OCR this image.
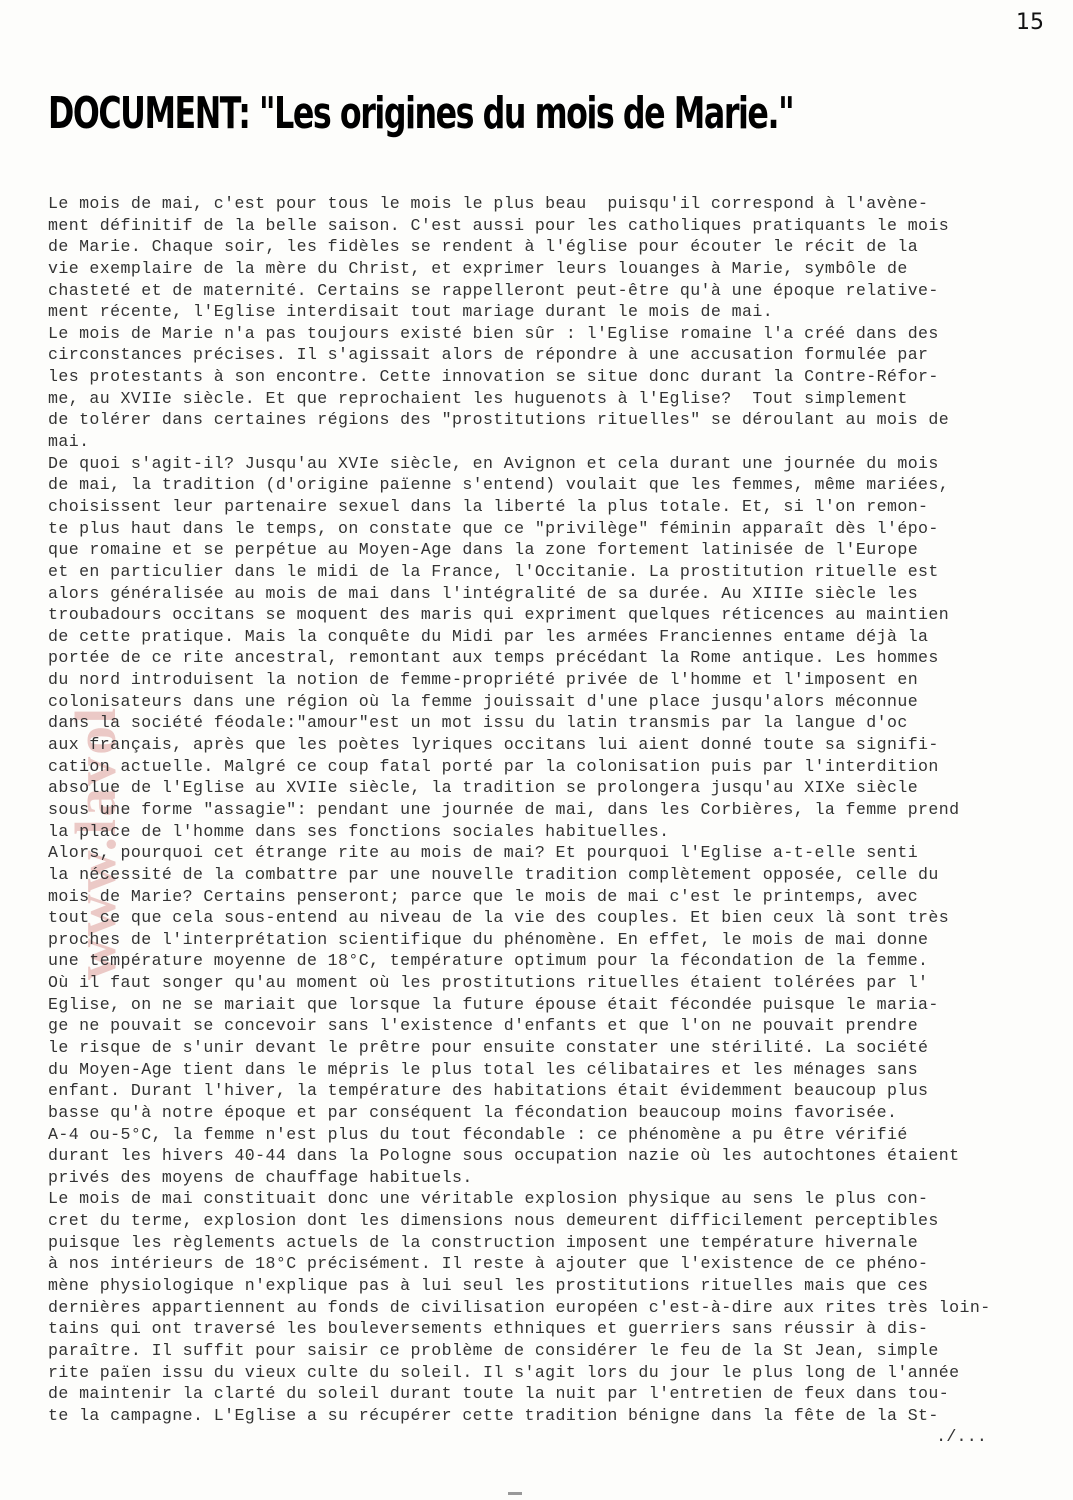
15
DOCUMENT: "Les origines du mois de Marie."
www.lavol
Le mois de mai, c'est pour tous le mois le plus beau  puisqu'il correspond à l'avène-
ment définitif de la belle saison. C'est aussi pour les catholiques pratiquants le mois
de Marie. Chaque soir, les fidèles se rendent à l'église pour écouter le récit de la
vie exemplaire de la mère du Christ, et exprimer leurs louanges à Marie, symbôle de
chasteté et de maternité. Certains se rappelleront peut-être qu'à une époque relative-
ment récente, l'Eglise interdisait tout mariage durant le mois de mai.
Le mois de Marie n'a pas toujours existé bien sûr : l'Eglise romaine l'a créé dans des
circonstances précises. Il s'agissait alors de répondre à une accusation formulée par
les protestants à son encontre. Cette innovation se situe donc durant la Contre-Réfor-
me, au XVIIe siècle. Et que reprochaient les huguenots à l'Eglise?  Tout simplement
de tolérer dans certaines régions des "prostitutions rituelles" se déroulant au mois de
mai.
De quoi s'agit-il? Jusqu'au XVIe siècle, en Avignon et cela durant une journée du mois
de mai, la tradition (d'origine païenne s'entend) voulait que les femmes, même mariées,
choisissent leur partenaire sexuel dans la liberté la plus totale. Et, si l'on remon-
te plus haut dans le temps, on constate que ce "privilège" féminin apparaît dès l'épo-
que romaine et se perpétue au Moyen-Age dans la zone fortement latinisée de l'Europe
et en particulier dans le midi de la France, l'Occitanie. La prostitution rituelle est
alors généralisée au mois de mai dans l'intégralité de sa durée. Au XIIIe siècle les
troubadours occitans se moquent des maris qui expriment quelques réticences au maintien
de cette pratique. Mais la conquête du Midi par les armées Franciennes entame déjà la
portée de ce rite ancestral, remontant aux temps précédant la Rome antique. Les hommes
du nord introduisent la notion de femme-propriété privée de l'homme et l'imposent en
colonisateurs dans une région où la femme jouissait d'une place jusqu'alors méconnue
dans la société féodale:"amour"est un mot issu du latin transmis par la langue d'oc
aux français, après que les poètes lyriques occitans lui aient donné toute sa signifi-
cation actuelle. Malgré ce coup fatal porté par la colonisation puis par l'interdition
absolue de l'Eglise au XVIIe siècle, la tradition se prolongera jusqu'au XIXe siècle
sous une forme "assagie": pendant une journée de mai, dans les Corbières, la femme prend
la place de l'homme dans ses fonctions sociales habituelles.
Alors, pourquoi cet étrange rite au mois de mai? Et pourquoi l'Eglise a-t-elle senti
la nécessité de la combattre par une nouvelle tradition complètement opposée, celle du
mois de Marie? Certains penseront; parce que le mois de mai c'est le printemps, avec
tout ce que cela sous-entend au niveau de la vie des couples. Et bien ceux là sont très
proches de l'interprétation scientifique du phénomène. En effet, le mois de mai donne
une température moyenne de 18°C, température optimum pour la fécondation de la femme.
Où il faut songer qu'au moment où les prostitutions rituelles étaient tolérées par l'
Eglise, on ne se mariait que lorsque la future épouse était fécondée puisque le maria-
ge ne pouvait se concevoir sans l'existence d'enfants et que l'on ne pouvait prendre
le risque de s'unir devant le prêtre pour ensuite constater une stérilité. La société
du Moyen-Age tient dans le mépris le plus total les célibataires et les ménages sans
enfant. Durant l'hiver, la température des habitations était évidemment beaucoup plus
basse qu'à notre époque et par conséquent la fécondation beaucoup moins favorisée.
A-4 ou-5°C, la femme n'est plus du tout fécondable : ce phénomène a pu être vérifié
durant les hivers 40-44 dans la Pologne sous occupation nazie où les autochtones étaient
privés des moyens de chauffage habituels.
Le mois de mai constituait donc une véritable explosion physique au sens le plus con-
cret du terme, explosion dont les dimensions nous demeurent difficilement perceptibles
puisque les règlements actuels de la construction imposent une température hivernale
à nos intérieurs de 18°C précisément. Il reste à ajouter que l'existence de ce phéno-
mène physiologique n'explique pas à lui seul les prostitutions rituelles mais que ces
dernières appartiennent au fonds de civilisation européen c'est-à-dire aux rites très loin-
tains qui ont traversé les bouleversements ethniques et guerriers sans réussir à dis-
paraître. Il suffit pour saisir ce problème de considérer le feu de la St Jean, simple
rite païen issu du vieux culte du soleil. Il s'agit lors du jour le plus long de l'année
de maintenir la clarté du soleil durant toute la nuit par l'entretien de feux dans tou-
te la campagne. L'Eglise a su récupérer cette tradition bénigne dans la fête de la St-
./...
